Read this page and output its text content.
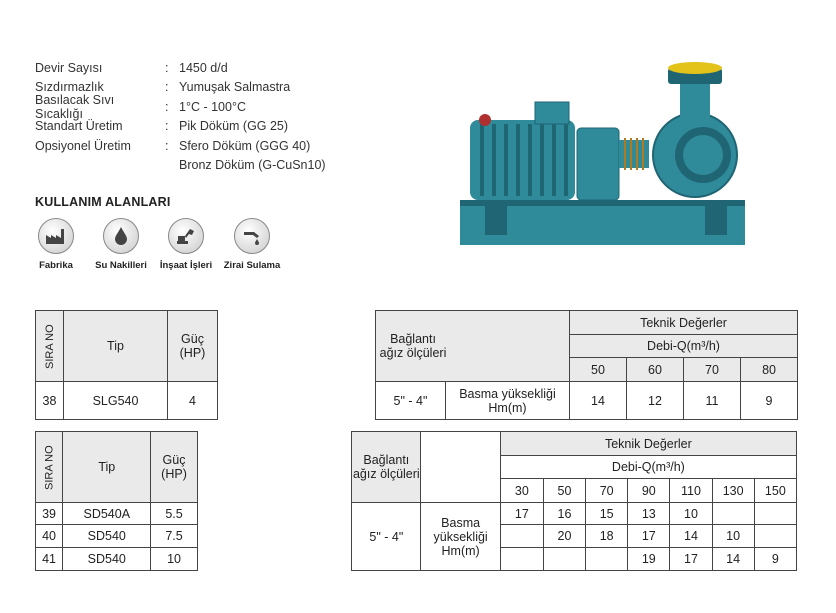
Devir Sayısı	: 1450 d/d
Sızdırmazlık	: Yumuşak Salmastra
Basılacak Sıvı Sıcaklığı	: 1°C - 100°C
Standart Üretim	: Pik Döküm (GG 25)
Opsiyonel Üretim	: Sfero Döküm (GGG 40)
Bronz Döküm (G-CuSn10)
KULLANIM ALANLARI
Fabrika	Su Nakilleri	İnşaat İşleri	Zirai Sulama
SIRA NO	Tip	Güç (HP)		Bağlantı ağız ölçüleri		Teknik Değerler			
						Debi-Q(m³/h)			
						50	60	70	80
38	SLG540	4		5" - 4"	Basma yüksekliği Hm(m)	14	12	11	9
SIRA NO	Tip	Güç (HP)		Bağlantı ağız ölçüleri		Teknik Değerler						
						Debi-Q(m³/h)						
						30	50	70	90	110	130	150
39	SD540A	5.5		5" - 4"	Basma yüksekliği Hm(m)	17	16	15	13	10		
40	SD540	7.5					20	18	17	14	10	
41	SD540	10							19	17	14	9
